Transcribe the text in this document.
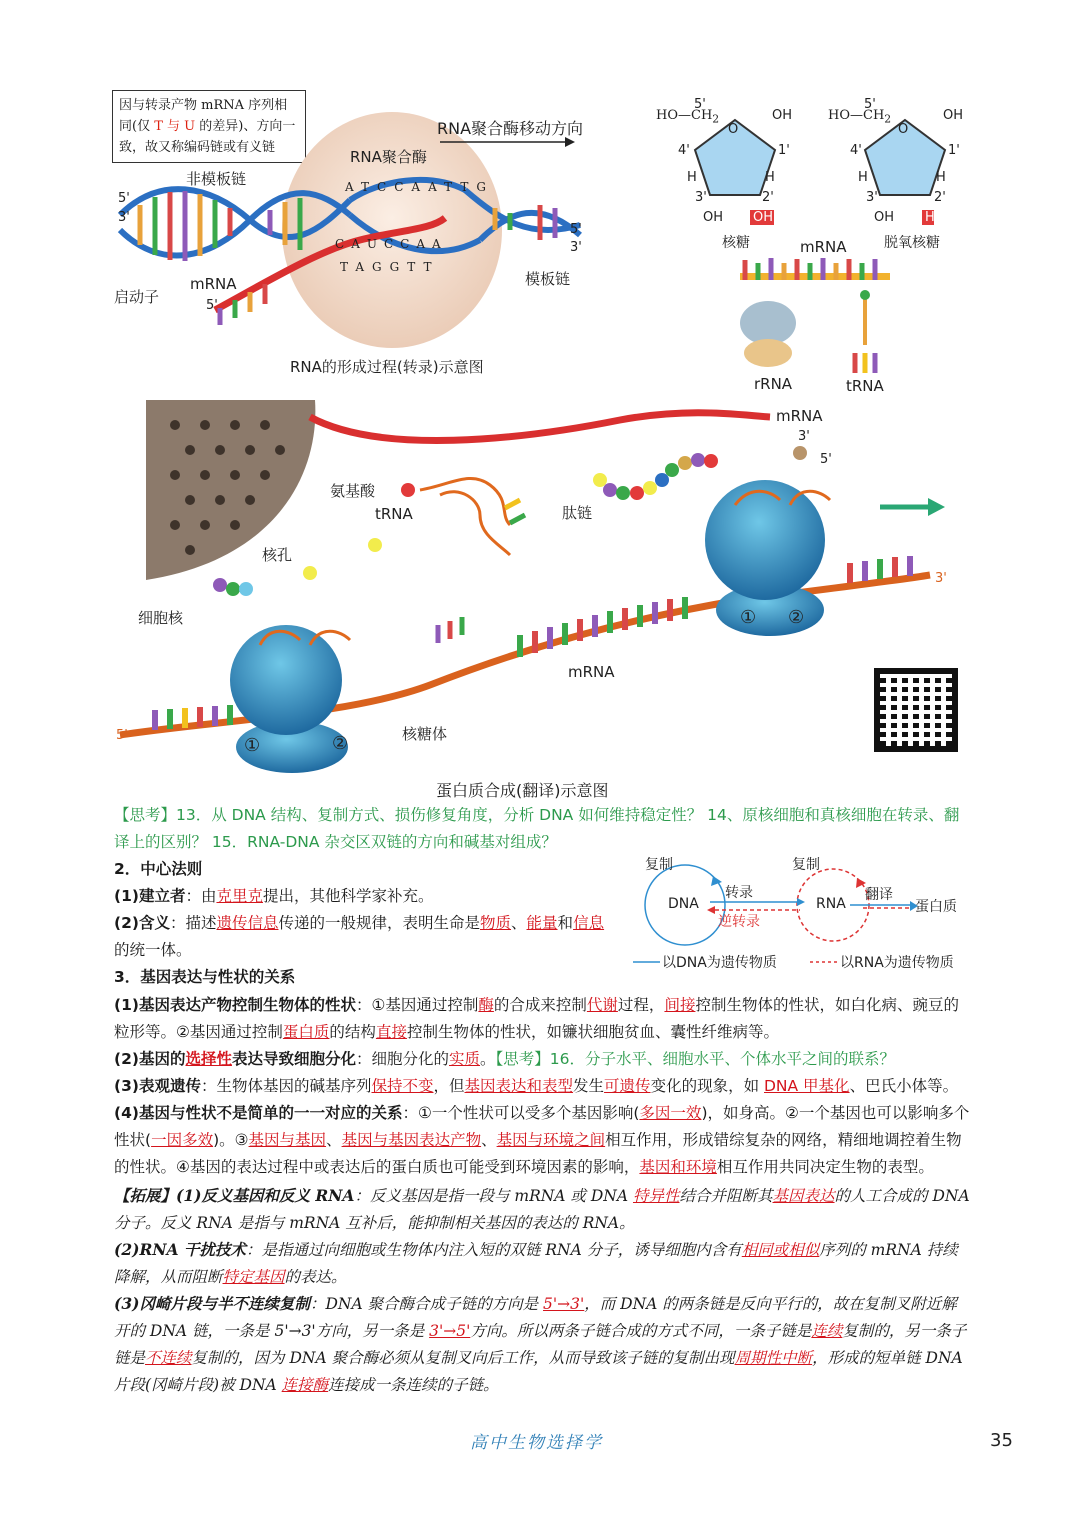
因与转录产物 mRNA 序列相
同(仅 T 与 U 的差异)、方向一
致，故又称编码链或有义链
ATCCAATTG
CAUCCAA
TAGGTT
非模板链
RNA聚合酶
RNA聚合酶移动方向
启动子
mRNA	模板链
5'
3'
5'
5'
3'
RNA的形成过程(转录)示意图
$HO—CH_2$	$HO—CH_2$
5'	5'
O	O
OH	OH
4'	4'
1'	1'
H	H	H	H
3'	3'
2'	2'
OH OH	OH H
核糖	脱氧核糖
mRNA
rRNA	tRNA
①	②
① ②
mRNA
3'
5'
氨基酸
tRNA	肽链
核孔
细胞核
mRNA
核糖体
5'
3'
蛋白质合成(翻译)示意图
【思考】13．从 DNA 结构、复制方式、损伤修复角度，分析 DNA 如何维持稳定性？ 14、原核细胞和真核细胞在转录、翻译上的区别？ 15．RNA-DNA 杂交区双链的方向和碱基对组成？
2．中心法则
(1)建立者：由克里克提出，其他科学家补充。
(2)含义：描述遗传信息传递的一般规律，表明生命是物质、能量和信息的统一体。
复制	复制
转录
逆转录
翻译
DNA	RNA	蛋白质
以DNA为遗传物质	以RNA为遗传物质
3．基因表达与性状的关系
(1)基因表达产物控制生物体的性状：①基因通过控制酶的合成来控制代谢过程，间接控制生物体的性状，如白化病、豌豆的粒形等。②基因通过控制蛋白质的结构直接控制生物体的性状，如镰状细胞贫血、囊性纤维病等。
(2)基因的选择性表达导致细胞分化：细胞分化的实质。【思考】16．分子水平、细胞水平、个体水平之间的联系？
(3)表观遗传：生物体基因的碱基序列保持不变，但基因表达和表型发生可遗传变化的现象，如 DNA 甲基化、巴氏小体等。
(4)基因与性状不是简单的一一对应的关系：①一个性状可以受多个基因影响(多因一效)，如身高。②一个基因也可以影响多个性状(一因多效)。③基因与基因、基因与基因表达产物、基因与环境之间相互作用，形成错综复杂的网络，精细地调控着生物的性状。④基因的表达过程中或表达后的蛋白质也可能受到环境因素的影响，基因和环境相互作用共同决定生物的表型。
【拓展】(1)反义基因和反义 RNA：反义基因是指一段与 mRNA 或 DNA 特异性结合并阻断其基因表达的人工合成的 DNA 分子。反义 RNA 是指与 mRNA 互补后，能抑制相关基因的表达的 RNA。
(2)RNA 干扰技术：是指通过向细胞或生物体内注入短的双链 RNA 分子，诱导细胞内含有相同或相似序列的 mRNA 持续降解，从而阻断特定基因的表达。
(3)冈崎片段与半不连续复制：DNA 聚合酶合成子链的方向是 5'→3'，而 DNA 的两条链是反向平行的，故在复制叉附近解开的 DNA 链，一条是 5'→3'方向，另一条是 3'→5'方向。所以两条子链合成的方式不同，一条子链是连续复制的，另一条子链是不连续复制的，因为 DNA 聚合酶必须从复制叉向后工作，从而导致该子链的复制出现周期性中断，形成的短单链 DNA 片段(冈崎片段)被 DNA 连接酶连接成一条连续的子链。
高中生物选择学	35
